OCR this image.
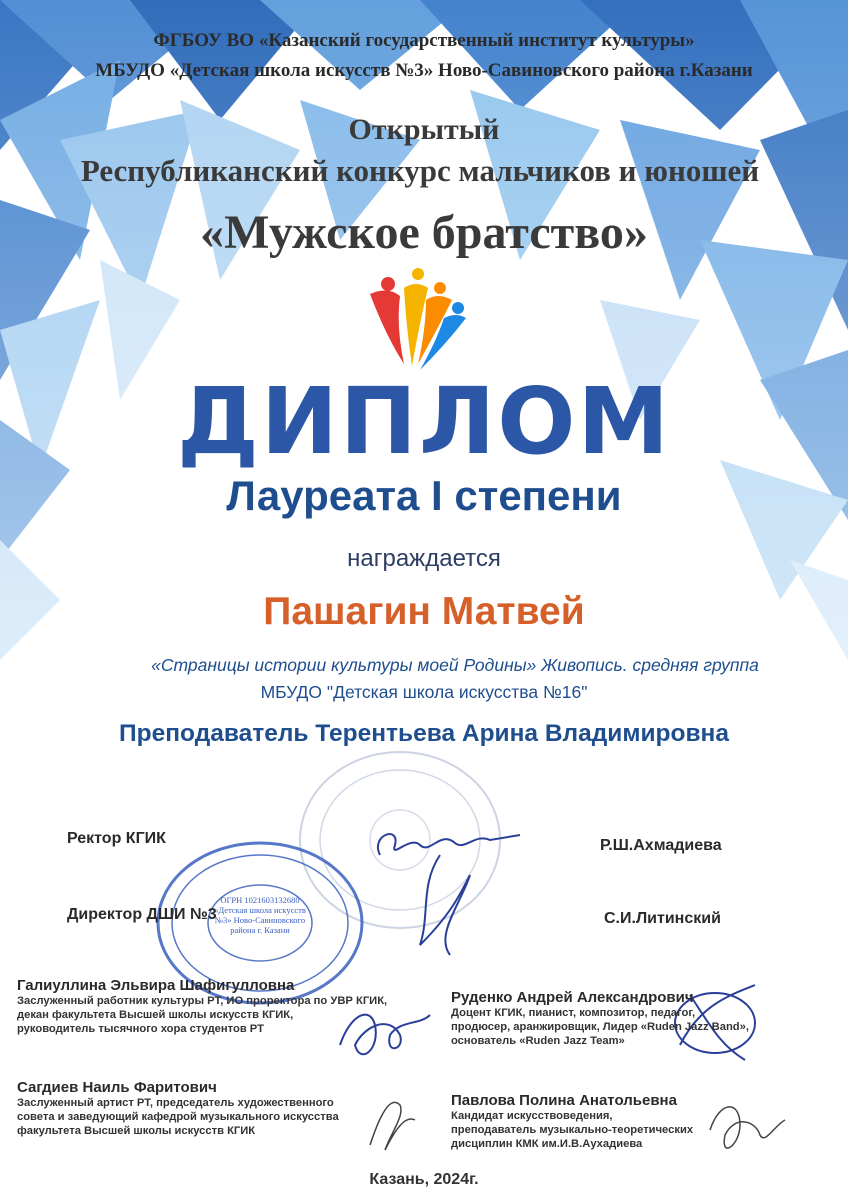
ФГБОУ ВО «Казанский государственный институт культуры»
МБУДО «Детская школа искусств №3» Ново-Савиновского района г.Казани
Открытый
Республиканский конкурс мальчиков и юношей
«Мужское братство»
ДИПЛОМ
Лауреата I степени
награждается
Пашагин Матвей
«Страницы истории культуры моей Родины» Живопись. средняя группа
МБУДО "Детская школа искусства №16"
Преподаватель Терентьева Арина Владимировна
ОГРН 1021603132680 «Детская школа искусств №3» Ново-Савиновского района г. Казани
Ректор КГИК	Р.Ш.Ахмадиева
Директор ДШИ №3	С.И.Литинский
Галиуллина Эльвира Шафигулловна
Заслуженный работник культуры РТ, ИО проректора по УВР КГИК,
декан факультета Высшей школы искусств КГИК,
руководитель тысячного хора студентов РТ
Руденко Андрей Александрович
Доцент КГИК, пианист, композитор, педагог,
продюсер, аранжировщик, Лидер «Ruden Jazz Band»,
основатель «Ruden Jazz Team»
Сагдиев Наиль Фаритович
Заслуженный артист РТ, председатель художественного
совета и заведующий кафедрой музыкального искусства
факультета Высшей школы искусств КГИК
Павлова Полина Анатольевна
Кандидат искусствоведения,
преподаватель музыкально-теоретических
дисциплин КМК им.И.В.Аухадиева
Казань, 2024г.
